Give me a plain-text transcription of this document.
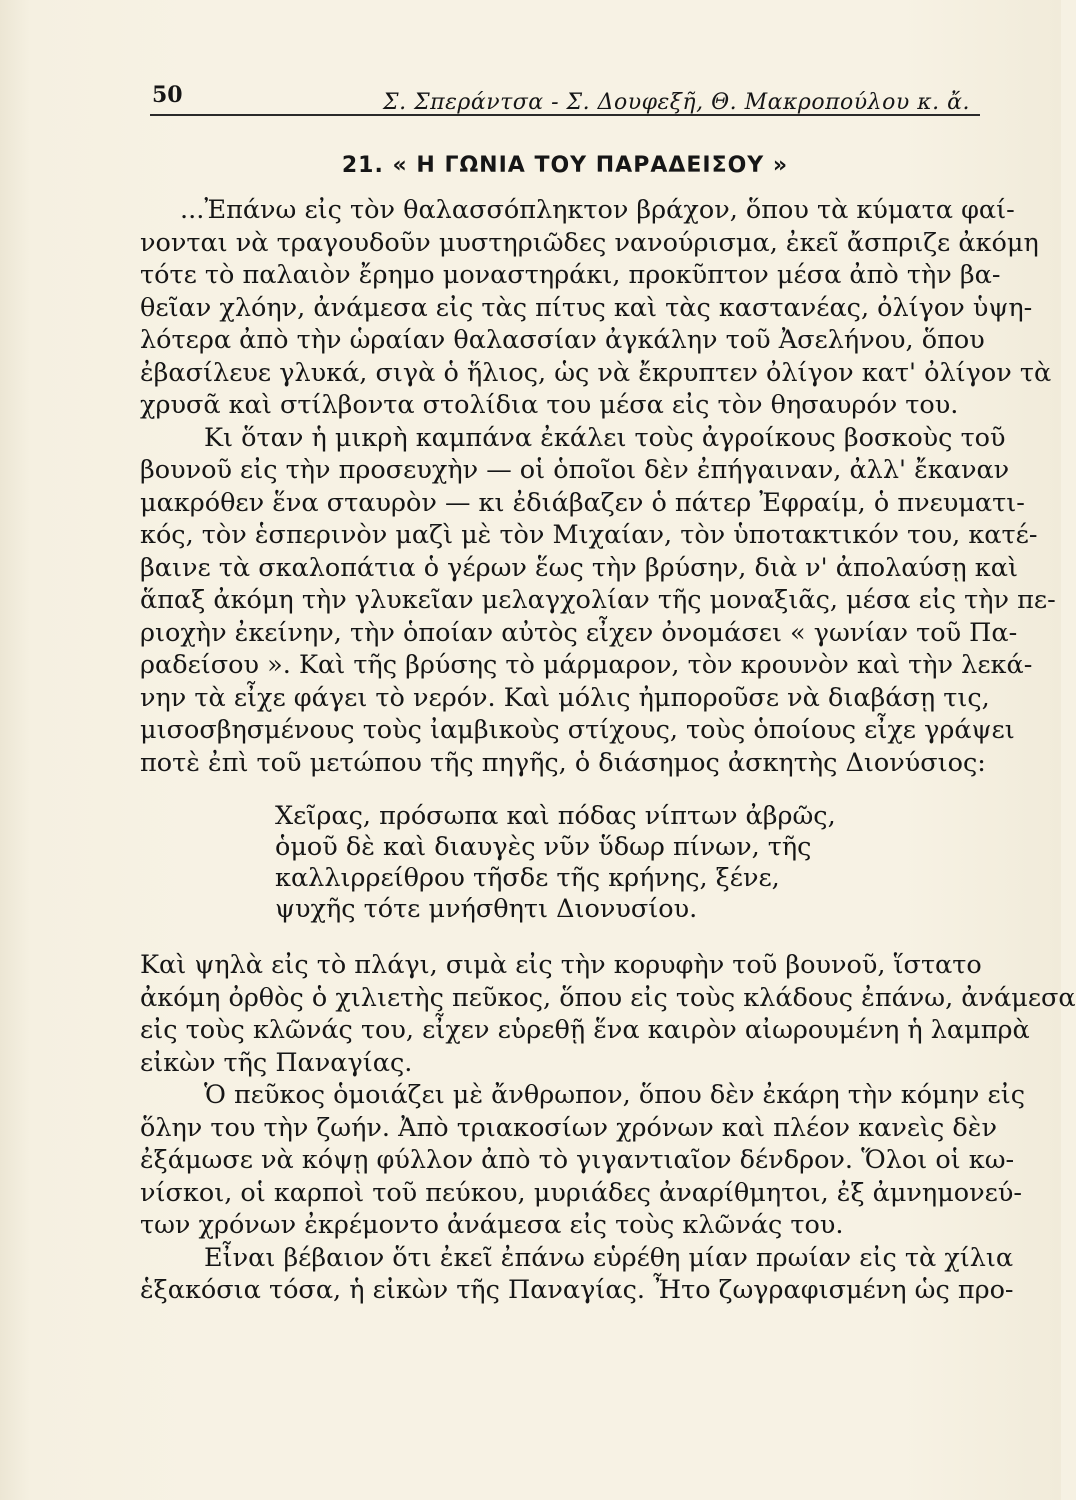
50	Σ. Σπεράντσα - Σ. Δουφεξῆ, Θ. Μακροπούλου κ. ἄ.
21. « Η ΓΩΝΙΑ ΤΟΥ ΠΑΡΑΔΕΙΣΟΥ »

...Ἐπάνω εἰς τὸν θαλασσόπληκτον βράχον, ὅπου τὰ κύματα φαί-
νονται νὰ τραγουδοῦν μυστηριῶδες νανούρισμα, ἐκεῖ ἄσπριζε ἀκόμη
τότε τὸ παλαιὸν ἔρημο μοναστηράκι, προκῦπτον μέσα ἀπὸ τὴν βα-
θεῖαν χλόην, ἀνάμεσα εἰς τὰς πίτυς καὶ τὰς καστανέας, ὀλίγον ὑψη-
λότερα ἀπὸ τὴν ὡραίαν θαλασσίαν ἀγκάλην τοῦ Ἀσελήνου, ὅπου
ἐβασίλευε γλυκά, σιγὰ ὁ ἥλιος, ὡς νὰ ἔκρυπτεν ὀλίγον κατ' ὀλίγον τὰ
χρυσᾶ καὶ στίλβοντα στολίδια του μέσα εἰς τὸν θησαυρόν του.

Κι ὅταν ἡ μικρὴ καμπάνα ἐκάλει τοὺς ἀγροίκους βοσκοὺς τοῦ
βουνοῦ εἰς τὴν προσευχὴν — οἱ ὁποῖοι δὲν ἐπήγαιναν, ἀλλ' ἔκαναν
μακρόθεν ἕνα σταυρὸν — κι ἐδιάβαζεν ὁ πάτερ Ἐφραίμ, ὁ πνευματι-
κός, τὸν ἑσπερινὸν μαζὶ μὲ τὸν Μιχαίαν, τὸν ὑποτακτικόν του, κατέ-
βαινε τὰ σκαλοπάτια ὁ γέρων ἕως τὴν βρύσην, διὰ ν' ἀπολαύσῃ καὶ
ἅπαξ ἀκόμη τὴν γλυκεῖαν μελαγχολίαν τῆς μοναξιᾶς, μέσα εἰς τὴν πε-
ριοχὴν ἐκείνην, τὴν ὁποίαν αὐτὸς εἶχεν ὀνομάσει « γωνίαν τοῦ Πα-
ραδείσου ». Καὶ τῆς βρύσης τὸ μάρμαρον, τὸν κρουνὸν καὶ τὴν λεκά-
νην τὰ εἶχε φάγει τὸ νερόν. Καὶ μόλις ἠμποροῦσε νὰ διαβάσῃ τις,
μισοσβησμένους τοὺς ἰαμβικοὺς στίχους, τοὺς ὁποίους εἶχε γράψει
ποτὲ ἐπὶ τοῦ μετώπου τῆς πηγῆς, ὁ διάσημος ἀσκητὴς Διονύσιος:

Χεῖρας, πρόσωπα καὶ πόδας νίπτων ἀβρῶς,
ὁμοῦ δὲ καὶ διαυγὲς νῦν ὕδωρ πίνων, τῆς
καλλιρρείθρου τῆσδε τῆς κρήνης, ξένε,
ψυχῆς τότε μνήσθητι Διονυσίου.

Καὶ ψηλὰ εἰς τὸ πλάγι, σιμὰ εἰς τὴν κορυφὴν τοῦ βουνοῦ, ἵστατο
ἀκόμη ὀρθὸς ὁ χιλιετὴς πεῦκος, ὅπου εἰς τοὺς κλάδους ἐπάνω, ἀνάμεσα
εἰς τοὺς κλῶνάς του, εἶχεν εὑρεθῇ ἕνα καιρὸν αἰωρουμένη ἡ λαμπρὰ
εἰκὼν τῆς Παναγίας.

Ὁ πεῦκος ὁμοιάζει μὲ ἄνθρωπον, ὅπου δὲν ἐκάρη τὴν κόμην εἰς
ὅλην του τὴν ζωήν. Ἀπὸ τριακοσίων χρόνων καὶ πλέον κανεὶς δὲν
ἐξάμωσε νὰ κόψῃ φύλλον ἀπὸ τὸ γιγαντιαῖον δένδρον. Ὅλοι οἱ κω-
νίσκοι, οἱ καρποὶ τοῦ πεύκου, μυριάδες ἀναρίθμητοι, ἐξ ἀμνημονεύ-
των χρόνων ἐκρέμοντο ἀνάμεσα εἰς τοὺς κλῶνάς του.

Εἶναι βέβαιον ὅτι ἐκεῖ ἐπάνω εὑρέθη μίαν πρωίαν εἰς τὰ χίλια
ἑξακόσια τόσα, ἡ εἰκὼν τῆς Παναγίας. Ἦτο ζωγραφισμένη ὡς προ-
